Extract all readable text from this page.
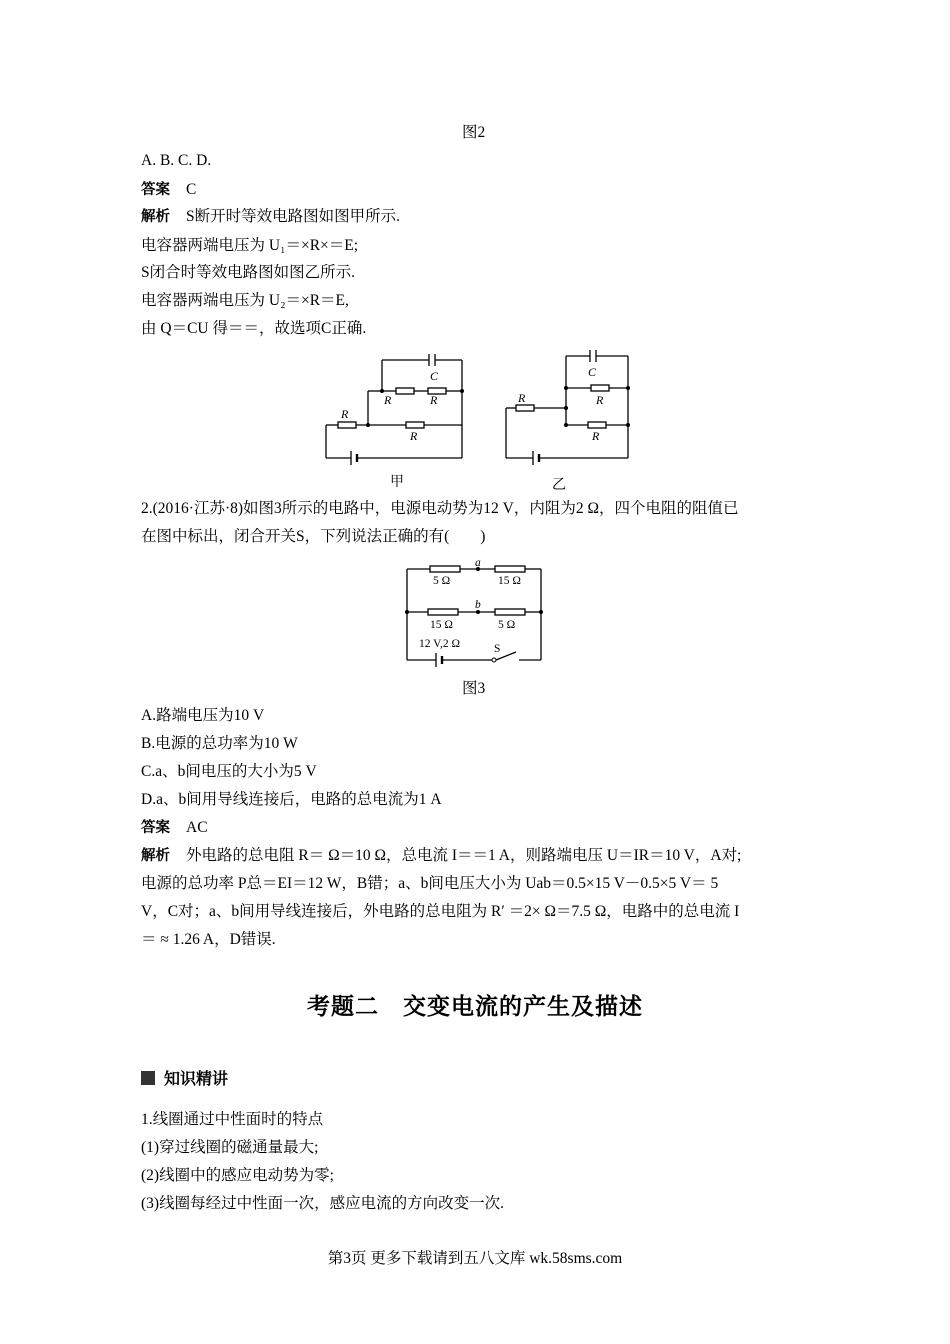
图2
A. B. C. D.
答案 C
解析 S断开时等效电路图如图甲所示.
电容器两端电压为 U₁＝×R×＝E;
S闭合时等效电路图如图乙所示.
电容器两端电压为 U₂＝×R＝E,
由 Q＝CU 得＝＝，故选项C正确.
C
R	R
R
R
甲
C
R
R
R
乙
2.(2016·江苏·8)如图3所示的电路中，电源电动势为12 V，内阻为2 Ω，四个电阻的阻值已
在图中标出，闭合开关S，下列说法正确的有(　　)
5 Ω
a
15 Ω
15 Ω
b
5 Ω
12 V,2 Ω	S
图3
A.路端电压为10 V
B.电源的总功率为10 W
C.a、b间电压的大小为5 V
D.a、b间用导线连接后，电路的总电流为1 A
答案 AC
解析 外电路的总电阻 R＝ Ω＝10 Ω，总电流 I＝＝1 A，则路端电压 U＝IR＝10 V，A对;
电源的总功率 P总＝EI＝12 W，B错；a、b间电压大小为 Uab＝0.5×15 V－0.5×5 V＝ 5
V，C对；a、b间用导线连接后，外电路的总电阻为 R′ ＝2× Ω＝7.5 Ω，电路中的总电流 I
＝ ≈ 1.26 A，D错误.
考题二　交变电流的产生及描述
知识精讲
1.线圈通过中性面时的特点
(1)穿过线圈的磁通量最大;
(2)线圈中的感应电动势为零;
(3)线圈每经过中性面一次，感应电流的方向改变一次.
第3页 更多下载请到五八文库 wk.58sms.com
